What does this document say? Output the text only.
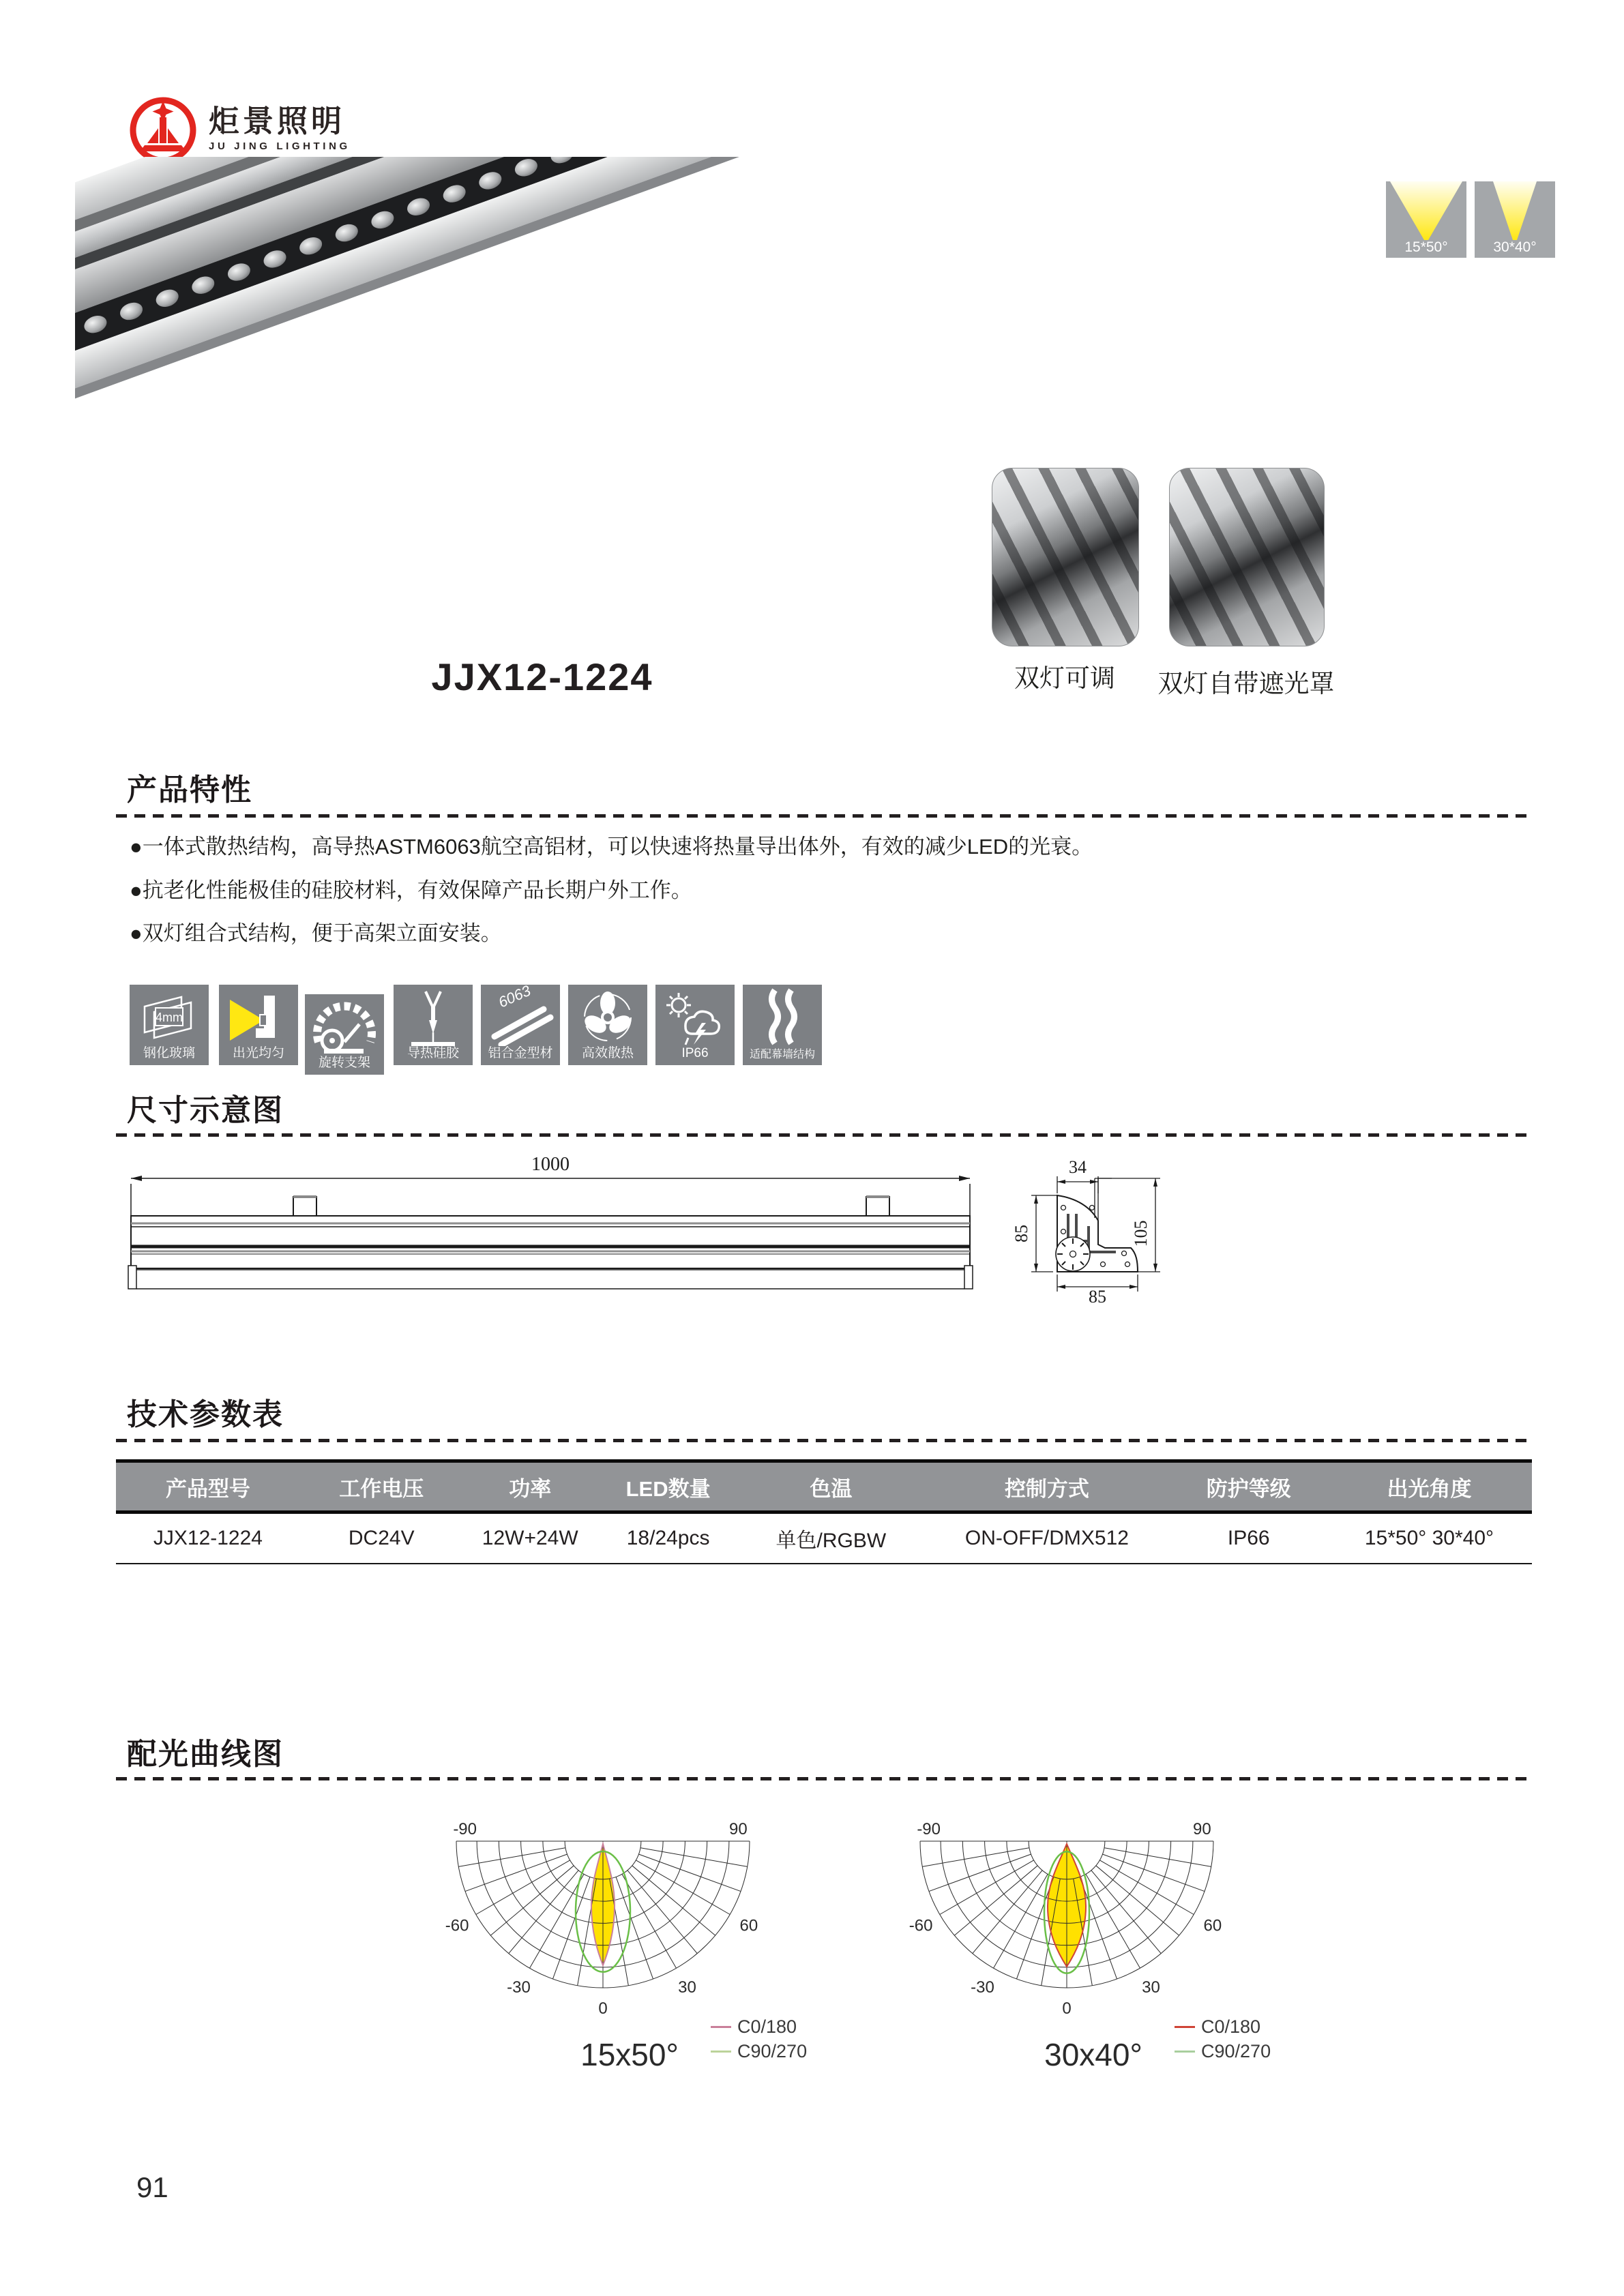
炬景照明
JU JING LIGHTING
15*50°	30*40°
JJX12-1224	双灯可调	双灯自带遮光罩
产品特性
●一体式散热结构，高导热ASTM6063航空高铝材，可以快速将热量导出体外，有效的减少LED的光衰。
●抗老化性能极佳的硅胶材料，有效保障产品长期户外工作。
●双灯组合式结构，便于高架立面安装。
4mm
钢化玻璃	出光均匀
旋转支架
导热硅胶
6063
铝合金型材	高效散热	IP66	适配幕墙结构
尺寸示意图
1000	34
85	105
85
技术参数表
产品型号	工作电压	功率	LED数量	色温	控制方式	防护等级	出光角度
JJX12-1224	DC24V	12W+24W	18/24pcs	单色/RGBW	ON-OFF/DMX512	IP66	15*50° 30*40°
配光曲线图
-90
-60
-30
0
30
60
90
15x50°
C0/180
C90/270
-90
-60
-30
0
30
60
90
30x40°
C0/180
C90/270
91
